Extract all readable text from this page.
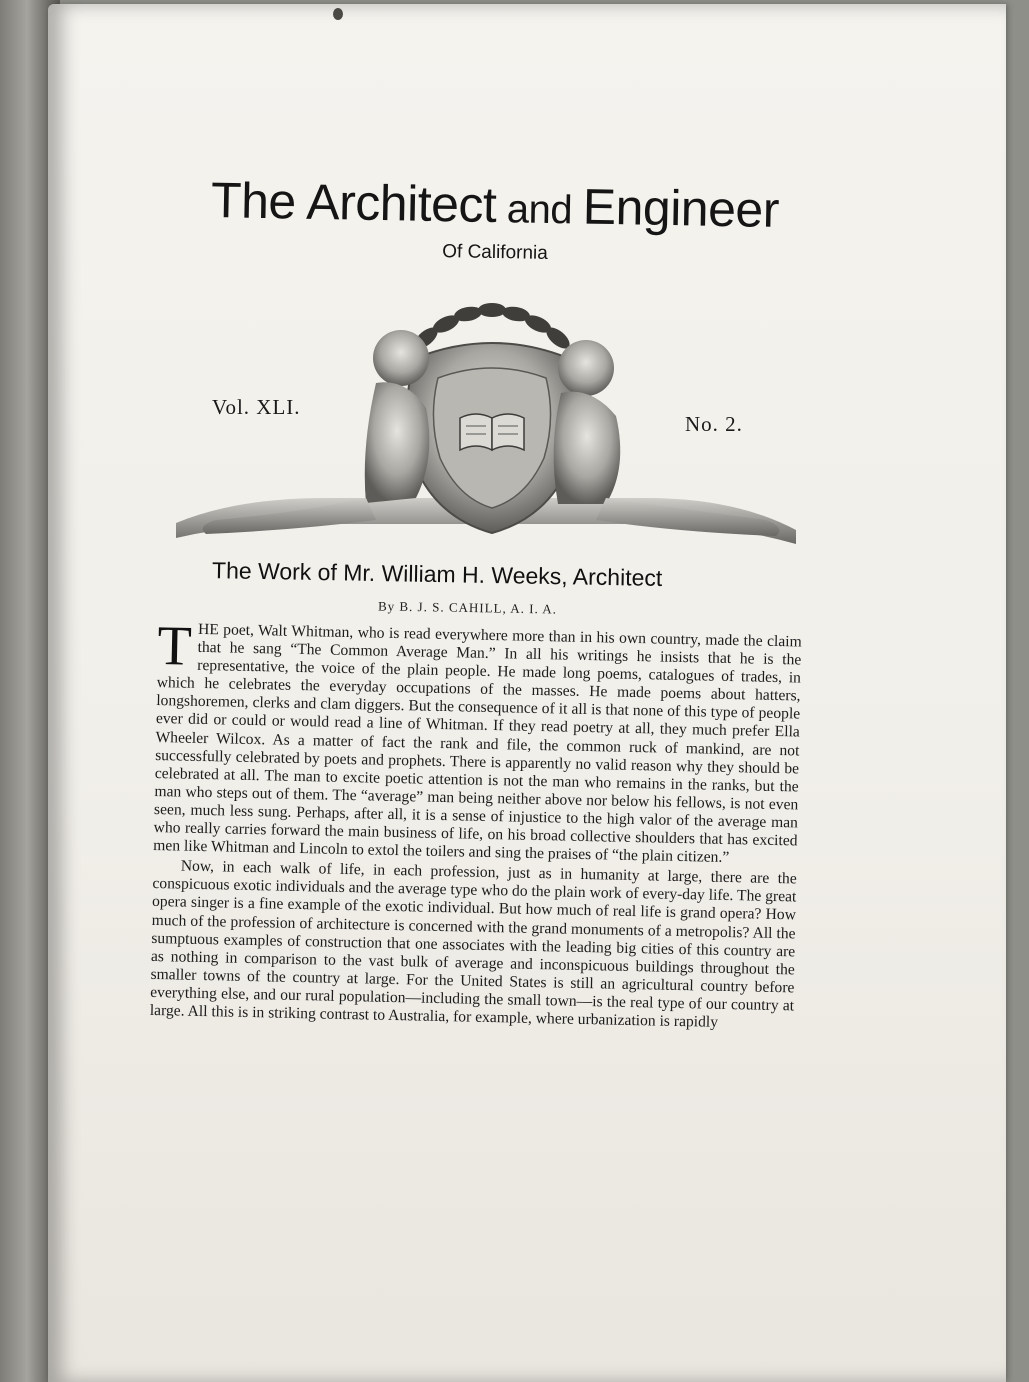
The Architect and Engineer
Of California
Vol. XLI.
No. 2.
The Work of Mr. William H. Weeks, Architect
By B. J. S. CAHILL, A. I. A.

THE poet, Walt Whitman, who is read everywhere more than in his own country, made the claim that he sang “The Common Average Man.” In all his writings he insists that he is the representative, the voice of the plain people. He made long poems, catalogues of trades, in which he celebrates the everyday occupations of the masses. He made poems about hatters, longshoremen, clerks and clam diggers. But the consequence of it all is that none of this type of people ever did or could or would read a line of Whitman. If they read poetry at all, they much prefer Ella Wheeler Wilcox. As a matter of fact the rank and file, the common ruck of mankind, are not successfully celebrated by poets and prophets. There is apparently no valid reason why they should be celebrated at all. The man to excite poetic attention is not the man who remains in the ranks, but the man who steps out of them. The “average” man being neither above nor below his fellows, is not even seen, much less sung. Perhaps, after all, it is a sense of injustice to the high valor of the average man who really carries forward the main business of life, on his broad collective shoulders that has excited men like Whitman and Lincoln to extol the toilers and sing the praises of “the plain citizen.”

Now, in each walk of life, in each profession, just as in humanity at large, there are the conspicuous exotic individuals and the average type who do the plain work of every-day life. The great opera singer is a fine example of the exotic individual. But how much of real life is grand opera? How much of the profession of architecture is concerned with the grand monuments of a metropolis? All the sumptuous examples of construction that one associates with the leading big cities of this country are as nothing in comparison to the vast bulk of average and inconspicuous buildings throughout the smaller towns of the country at large. For the United States is still an agricultural country before everything else, and our rural population—including the small town—is the real type of our country at large. All this is in striking contrast to Australia, for example, where urbanization is rapidly
